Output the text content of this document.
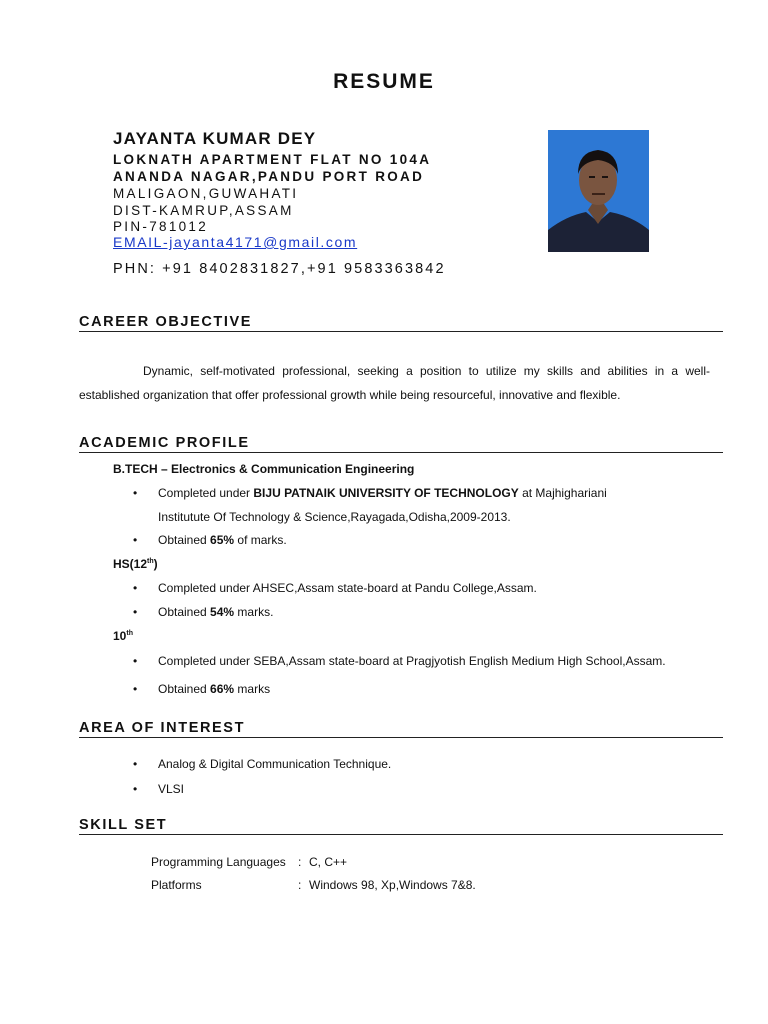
RESUME
JAYANTA KUMAR DEY
LOKNATH APARTMENT FLAT NO 104A
ANANDA NAGAR,PANDU PORT ROAD
MALIGAON,GUWAHATI
DIST-KAMRUP,ASSAM
PIN-781012
EMAIL-jayanta4171@gmail.com
PHN: +91 8402831827,+91 9583363842
CAREER OBJECTIVE
Dynamic, self-motivated professional, seeking a position to utilize my skills and abilities in a well-established organization that offer professional growth while being resourceful, innovative and flexible.
ACADEMIC PROFILE
B.TECH – Electronics & Communication Engineering
• Completed under BIJU PATNAIK UNIVERSITY OF TECHNOLOGY at Majhighariani
Institutute Of Technology & Science,Rayagada,Odisha,2009-2013.
• Obtained 65% of marks.
HS(12th)
• Completed under AHSEC,Assam state-board at Pandu College,Assam.
• Obtained 54% marks.
10th
• Completed under SEBA,Assam state-board at Pragjyotish English Medium High School,Assam.
• Obtained 66% marks
AREA OF INTEREST
• Analog & Digital Communication Technique.
• VLSI
SKILL SET
Programming Languages : C, C++
Platforms	: Windows 98, Xp,Windows 7&8.
